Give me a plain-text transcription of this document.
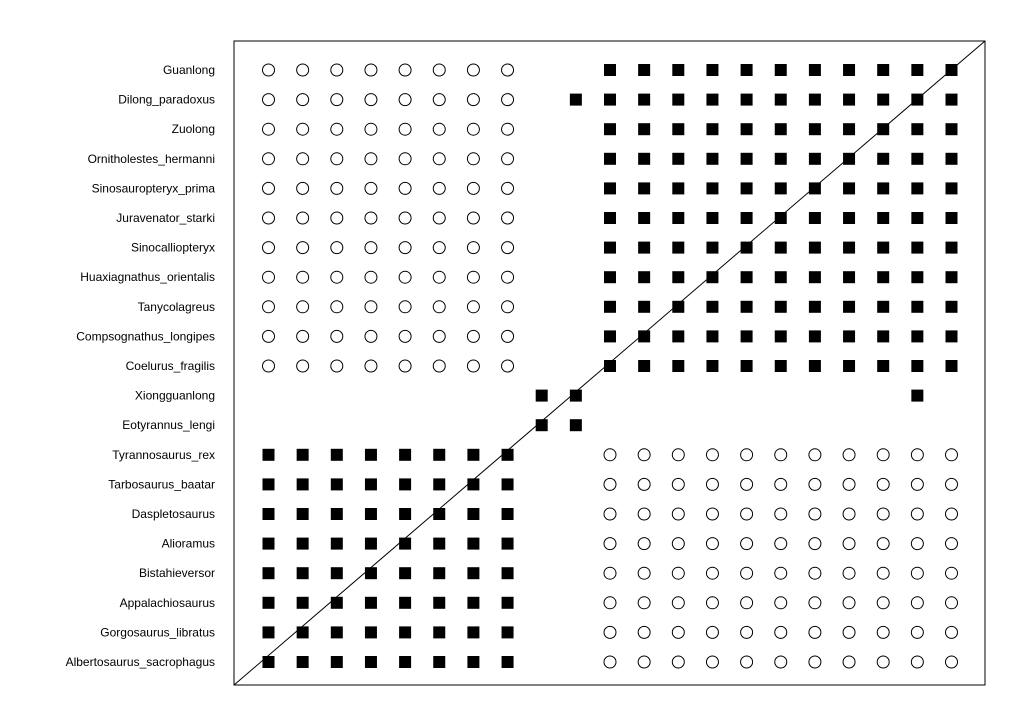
Guanlong
Dilong_paradoxus
Zuolong
Ornitholestes_hermanni
Sinosauropteryx_prima
Juravenator_starki
Sinocalliopteryx
Huaxiagnathus_orientalis
Tanycolagreus
Compsognathus_longipes
Coelurus_fragilis
Xiongguanlong
Eotyrannus_lengi
Tyrannosaurus_rex
Tarbosaurus_baatar
Daspletosaurus
Alioramus
Bistahieversor
Appalachiosaurus
Gorgosaurus_libratus
Albertosaurus_sacrophagus
